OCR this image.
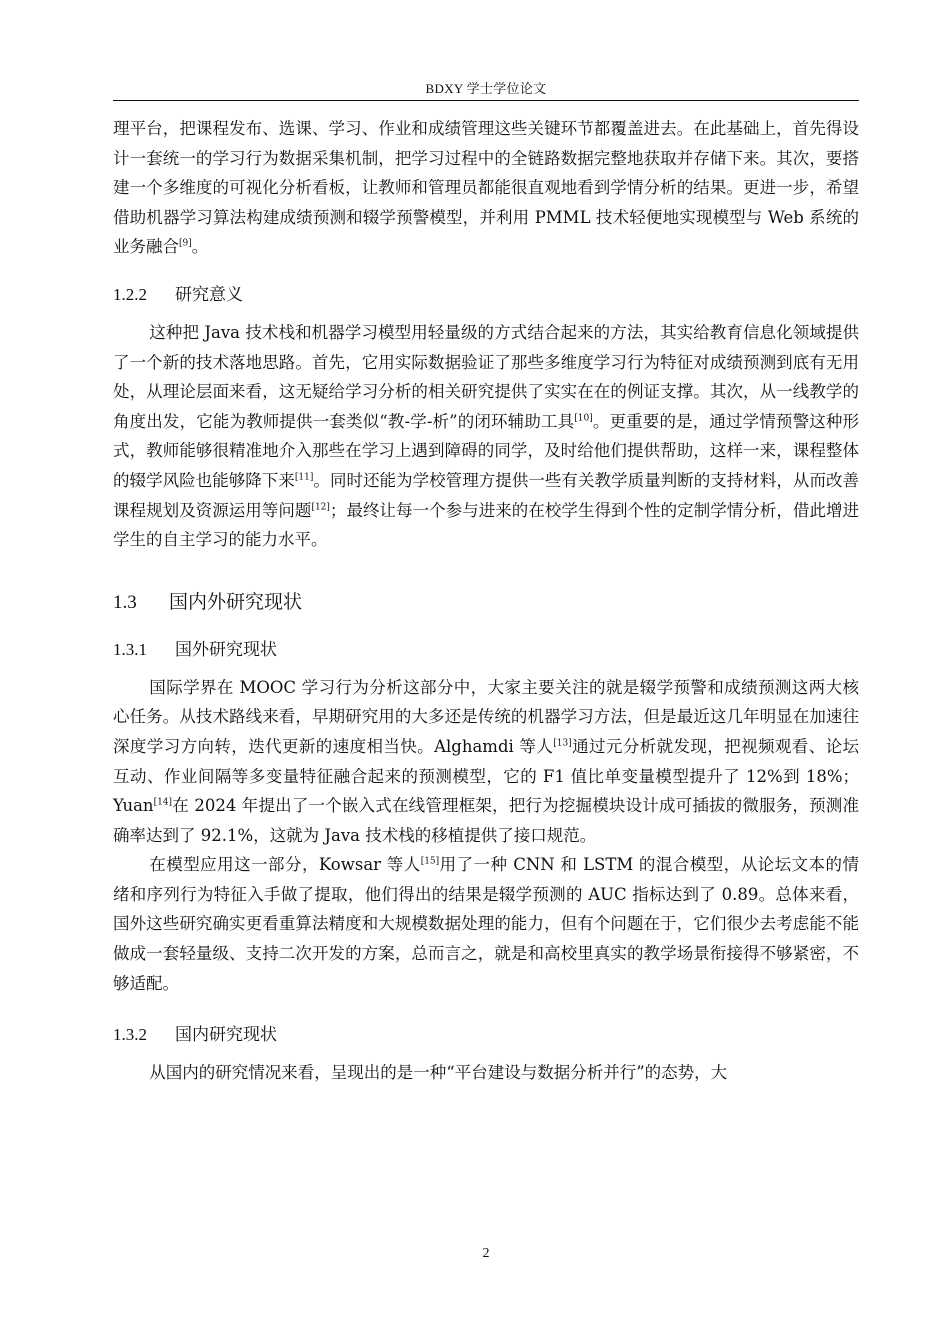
BDXY 学士学位论文

理平台，把课程发布、选课、学习、作业和成绩管理这些关键环节都覆盖进去。在此基础上，首先得设计一套统一的学习行为数据采集机制，把学习过程中的全链路数据完整地获取并存储下来。其次，要搭建一个多维度的可视化分析看板，让教师和管理员都能很直观地看到学情分析的结果。更进一步，希望借助机器学习算法构建成绩预测和辍学预警模型，并利用 PMML 技术轻便地实现模型与 Web 系统的业务融合[9]。

1.2.2 研究意义

这种把 Java 技术栈和机器学习模型用轻量级的方式结合起来的方法，其实给教育信息化领域提供了一个新的技术落地思路。首先，它用实际数据验证了那些多维度学习行为特征对成绩预测到底有无用处，从理论层面来看，这无疑给学习分析的相关研究提供了实实在在的例证支撑。其次，从一线教学的角度出发，它能为教师提供一套类似“教-学-析”的闭环辅助工具[10]。更重要的是，通过学情预警这种形式，教师能够很精准地介入那些在学习上遇到障碍的同学，及时给他们提供帮助，这样一来，课程整体的辍学风险也能够降下来[11]。同时还能为学校管理方提供一些有关教学质量判断的支持材料，从而改善课程规划及资源运用等问题[12]；最终让每一个参与进来的在校学生得到个性的定制学情分析，借此增进学生的自主学习的能力水平。

1.3 国内外研究现状
1.3.1 国外研究现状

国际学界在 MOOC 学习行为分析这部分中，大家主要关注的就是辍学预警和成绩预测这两大核心任务。从技术路线来看，早期研究用的大多还是传统的机器学习方法，但是最近这几年明显在加速往深度学习方向转，迭代更新的速度相当快。Alghamdi 等人[13]通过元分析就发现，把视频观看、论坛互动、作业间隔等多变量特征融合起来的预测模型，它的 F1 值比单变量模型提升了 12%到 18%；Yuan[14]在 2024 年提出了一个嵌入式在线管理框架，把行为挖掘模块设计成可插拔的微服务，预测准确率达到了 92.1%，这就为 Java 技术栈的移植提供了接口规范。

在模型应用这一部分，Kowsar 等人[15]用了一种 CNN 和 LSTM 的混合模型，从论坛文本的情绪和序列行为特征入手做了提取，他们得出的结果是辍学预测的 AUC 指标达到了 0.89。总体来看，国外这些研究确实更看重算法精度和大规模数据处理的能力，但有个问题在于，它们很少去考虑能不能做成一套轻量级、支持二次开发的方案，总而言之，就是和高校里真实的教学场景衔接得不够紧密，不够适配。

1.3.2 国内研究现状

从国内的研究情况来看，呈现出的是一种“平台建设与数据分析并行”的态势，大

2
